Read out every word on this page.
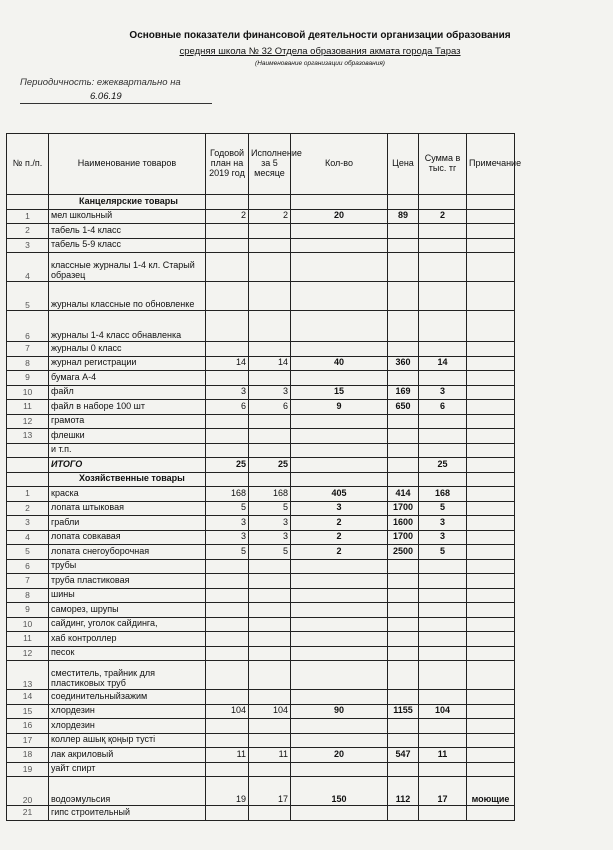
Основные показатели финансовой деятельности организации образования
средняя школа № 32 Отдела образования акмата города Тараз
(Наименование организации образования)
Периодичность: ежеквартально на
6.06.19
№ п./п.	Наименование товаров	Годовой план на 2019 год	Исполнение за 5 месяце	Кол-во	Цена	Сумма в тыс. тг	Примечание
	Канцелярские товары						
1	мел школьный	2	2	20	89	2	
2	табель 1-4 класс						
3	табель 5-9 класс						
4	классные журналы 1-4 кл. Старый образец						
5	журналы классные по обновленке						
6	журналы 1-4 класс обнавленка						
7	журналы 0 класс						
8	журнал регистрации	14	14	40	360	14	
9	бумага А-4						
10	файл	3	3	15	169	3	
11	файл в наборе 100 шт	6	6	9	650	6	
12	грамота						
13	флешки						
	и т.п.						
	ИТОГО	25	25			25	
	Хозяйственные товары						
1	краска	168	168	405	414	168	
2	лопата штыковая	5	5	3	1700	5	
3	грабли	3	3	2	1600	3	
4	лопата совкавая	3	3	2	1700	3	
5	лопата снегоуборочная	5	5	2	2500	5	
6	трубы						
7	труба пластиковая						
8	шины						
9	саморез, шрупы						
10	сайдинг, уголок сайдинга,						
11	хаб контроллер						
12	песок						
13	сместитель, трайник для пластиковых труб						
14	соединительныйзажим						
15	хлордезин	104	104	90	1155	104	
16	хлордезин						
17	коллер ашық қоңыр тусті						
18	лак акриловый	11	11	20	547	11	
19	уайт спирт						
20	водоэмульсия	19	17	150	112	17	моющие
21	гипс строительный						
